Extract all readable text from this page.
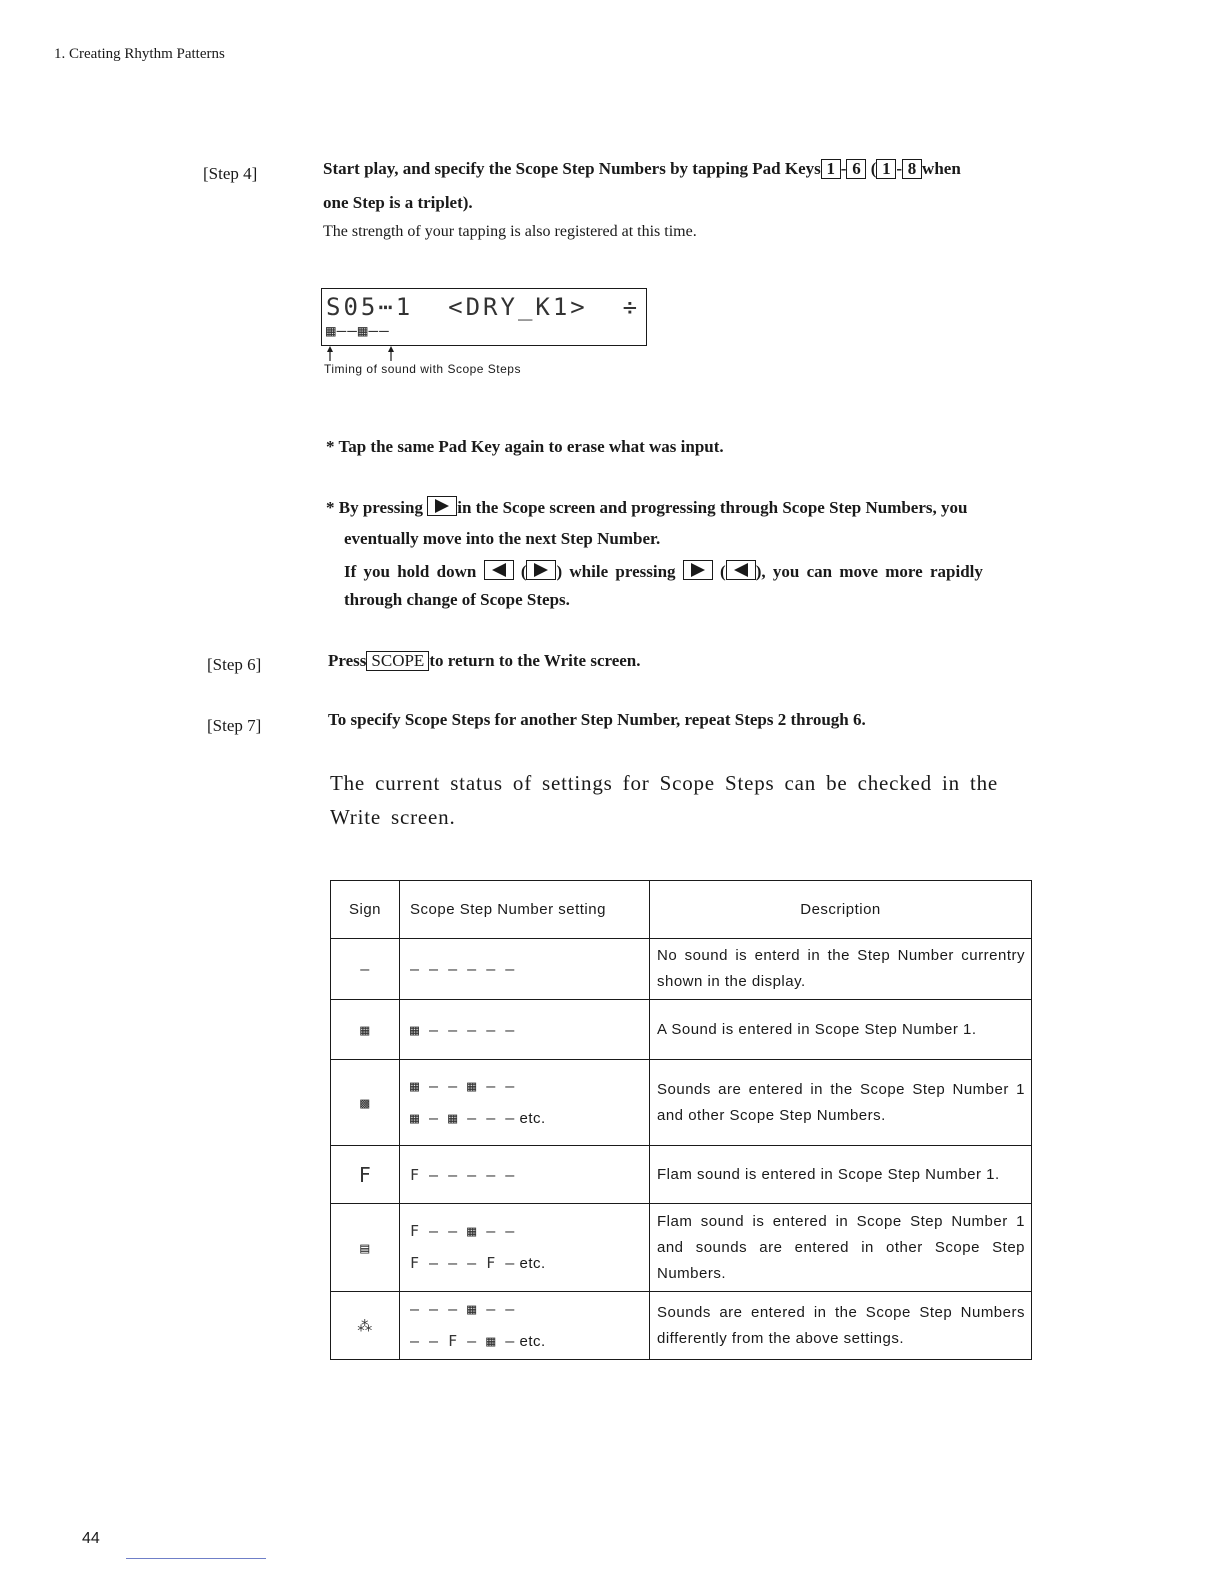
1. Creating Rhythm Patterns
[Step 4]	Start play, and specify the Scope Step Numbers by tapping Pad Keys 1 - 6 ( 1 - 8 when
one Step is a triplet).
The strength of your tapping is also registered at this time.
S05⋯1  <DRY_K1>  ÷
▦——▦——
Timing of sound with Scope Steps
* Tap the same Pad Key again to erase what was input.
* By pressing in the Scope screen and progressing through Scope Step Numbers, you
eventually move into the next Step Number.
If you hold down
( ) while pressing
( ), you can move more rapidly
through change of Scope Steps.
[Step 6]	Press SCOPE to return to the Write screen.
[Step 7]	To specify Scope Steps for another Step Number, repeat Steps 2 through 6.
The current status of settings for Scope Steps can be checked in the Write screen.
Sign	Scope Step Number setting	Description
—	— — — — — —	No sound is enterd in the Step Number currentry shown in the display.
▦	▦ — — — — —	A Sound is entered in Scope Step Number 1.
▩	▦ — — ▦ — —
▦ — ▦ — — — etc.	Sounds are entered in the Scope Step Number 1 and other Scope Step Numbers.
F	F — — — — —	Flam sound is entered in Scope Step Number 1.
▤	F — — ▦ — —
F — — — F — etc.	Flam sound is entered in Scope Step Number 1 and sounds are entered in other Scope Step Numbers.
⁂	— — — ▦ — —
— — F — ▦ — etc.	Sounds are entered in the Scope Step Numbers differently from the above settings.
44
